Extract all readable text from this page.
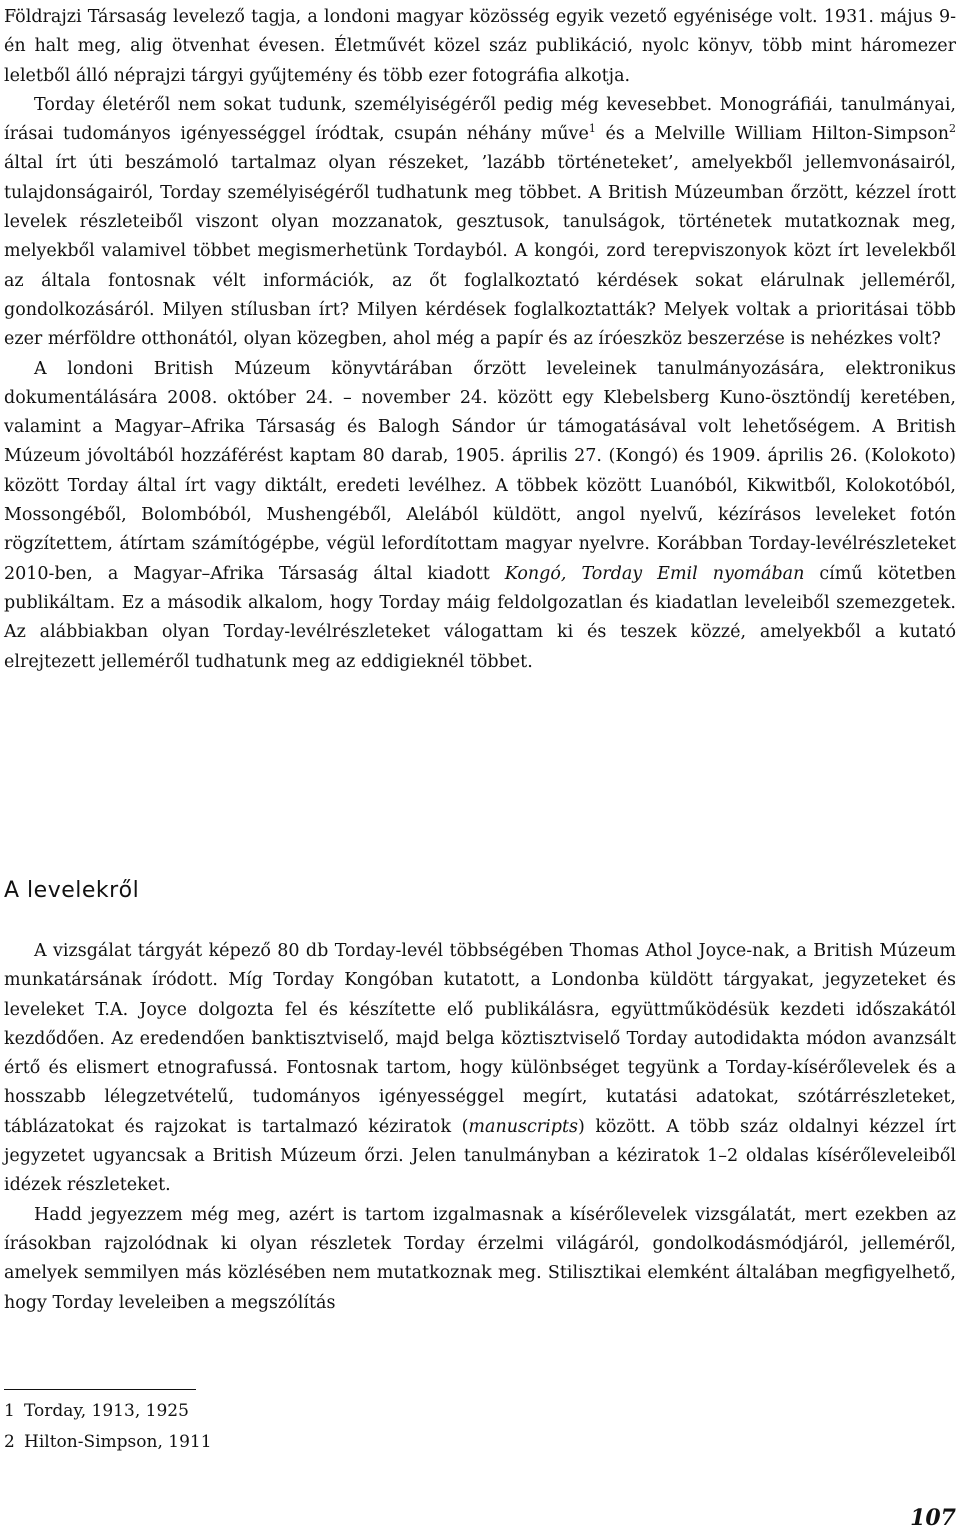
Földrajzi Társaság levelező tagja, a londoni magyar közösség egyik vezető egyénisége volt. 1931. május 9-én halt meg, alig ötvenhat évesen. Életművét közel száz publikáció, nyolc könyv, több mint háromezer leletből álló néprajzi tárgyi gyűjtemény és több ezer fotográfia alkotja.

Torday életéről nem sokat tudunk, személyiségéről pedig még kevesebbet. Monográfiái, tanulmányai, írásai tudományos igényességgel íródtak, csupán néhány műve$^1$ és a Melville William Hilton-Simpson$^2$ által írt úti beszámoló tartalmaz olyan részeket, ’lazább történeteket’, amelyekből jellemvonásairól, tulajdonságairól, Torday személyiségéről tudhatunk meg többet. A British Múzeumban őrzött, kézzel írott levelek részleteiből viszont olyan mozzanatok, gesztusok, tanulságok, történetek mutatkoznak meg, melyekből valamivel többet megismerhetünk Tordayból. A kongói, zord terepviszonyok közt írt levelekből az általa fontosnak vélt információk, az őt foglalkoztató kérdések sokat elárulnak jelleméről, gondolkozásáról. Milyen stílusban írt? Milyen kérdések foglalkoztatták? Melyek voltak a prioritásai több ezer mérföldre otthonától, olyan közegben, ahol még a papír és az íróeszköz beszerzése is nehézkes volt?

A londoni British Múzeum könyvtárában őrzött leveleinek tanulmányozására, elektronikus dokumentálására 2008. október 24. – november 24. között egy Klebelsberg Kuno-ösztöndíj keretében, valamint a Magyar–Afrika Társaság és Balogh Sándor úr támogatásával volt lehetőségem. A British Múzeum jóvoltából hozzáférést kaptam 80 darab, 1905. április 27. (Kongó) és 1909. április 26. (Kolokoto) között Torday által írt vagy diktált, eredeti levélhez. A többek között Luanóból, Kikwitből, Kolokotóból, Mossongéből, Bolombóból, Mushengéből, Alelából küldött, angol nyelvű, kézírásos leveleket fotón rögzítettem, átírtam számítógépbe, végül lefordítottam magyar nyelvre. Korábban Torday-levélrészleteket 2010-ben, a Magyar–Afrika Társaság által kiadott Kongó, Torday Emil nyomában című kötetben publikáltam. Ez a második alkalom, hogy Torday máig feldolgozatlan és kiadatlan leveleiből szemezgetek. Az alábbiakban olyan Torday-levélrészleteket válogattam ki és teszek közzé, amelyekből a kutató elrejtezett jelleméről tudhatunk meg az eddigieknél többet.

A levelekről

A vizsgálat tárgyát képező 80 db Torday-levél többségében Thomas Athol Joyce-nak, a British Múzeum munkatársának íródott. Míg Torday Kongóban kutatott, a Londonba küldött tárgyakat, jegyzeteket és leveleket T.A. Joyce dolgozta fel és készítette elő publikálásra, együttműködésük kezdeti időszakától kezdődően. Az eredendően banktisztviselő, majd belga köztisztviselő Torday autodidakta módon avanzsált értő és elismert etnografussá. Fontosnak tartom, hogy különbséget tegyünk a Torday-kísérőlevelek és a hosszabb lélegzetvételű, tudományos igényességgel megírt, kutatási adatokat, szótárrészleteket, táblázatokat és rajzokat is tartalmazó kéziratok (manuscripts) között. A több száz oldalnyi kézzel írt jegyzetet ugyancsak a British Múzeum őrzi. Jelen tanulmányban a kéziratok 1–2 oldalas kísérőleveleiből idézek részleteket.

Hadd jegyezzem még meg, azért is tartom izgalmasnak a kísérőlevelek vizsgálatát, mert ezekben az írásokban rajzolódnak ki olyan részletek Torday érzelmi világáról, gondolkodásmódjáról, jelleméről, amelyek semmilyen más közlésében nem mutatkoznak meg. Stilisztikai elemként általában megfigyelhető, hogy Torday leveleiben a megszólítás

1 Torday, 1913, 1925

2 Hilton-Simpson, 1911

107
